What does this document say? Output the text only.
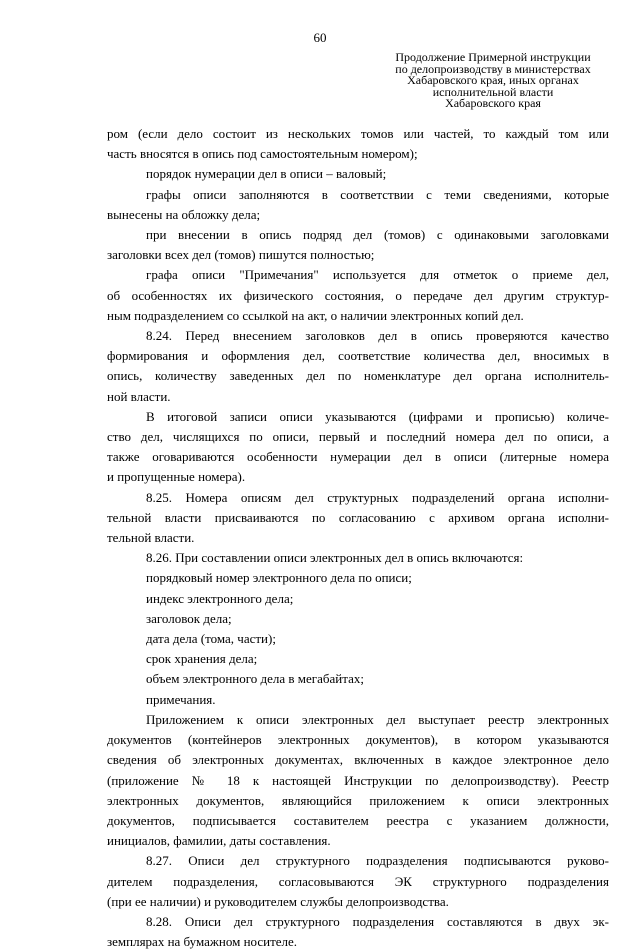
60
Продолжение Примерной инструкции
по делопроизводству в министерствах
Хабаровского края, иных органах
исполнительной власти
Хабаровского края
ром (если дело состоит из нескольких томов или частей, то каждый том или
часть вносятся в опись под самостоятельным номером);
порядок нумерации дел в описи – валовый;
графы описи заполняются в соответствии с теми сведениями, которые
вынесены на обложку дела;
при внесении в опись подряд дел (томов) с одинаковыми заголовками
заголовки всех дел (томов) пишутся полностью;
графа описи "Примечания" используется для отметок о приеме дел,
об особенностях их физического состояния, о передаче дел другим структур-
ным подразделением со ссылкой на акт, о наличии электронных копий дел.
8.24. Перед внесением заголовков дел в опись проверяются качество
формирования и оформления дел, соответствие количества дел, вносимых в
опись, количеству заведенных дел по номенклатуре дел органа исполнитель-
ной власти.
В итоговой записи описи указываются (цифрами и прописью) количе-
ство дел, числящихся по описи, первый и последний номера дел по описи, а
также оговариваются особенности нумерации дел в описи (литерные номера
и пропущенные номера).
8.25. Номера описям дел структурных подразделений органа исполни-
тельной власти присваиваются по согласованию с архивом органа исполни-
тельной власти.
8.26. При составлении описи электронных дел в опись включаются:
порядковый номер электронного дела по описи;
индекс электронного дела;
заголовок дела;
дата дела (тома, части);
срок хранения дела;
объем электронного дела в мегабайтах;
примечания.
Приложением к описи электронных дел выступает реестр электронных
документов (контейнеров электронных документов), в котором указываются
сведения об электронных документах, включенных в каждое электронное дело
(приложение № 18 к настоящей Инструкции по делопроизводству). Реестр
электронных документов, являющийся приложением к описи электронных
документов, подписывается составителем реестра с указанием должности,
инициалов, фамилии, даты составления.
8.27. Описи дел структурного подразделения подписываются руково-
дителем подразделения, согласовываются ЭК структурного подразделения
(при ее наличии) и руководителем службы делопроизводства.
8.28. Описи дел структурного подразделения составляются в двух эк-
земплярах на бумажном носителе.
